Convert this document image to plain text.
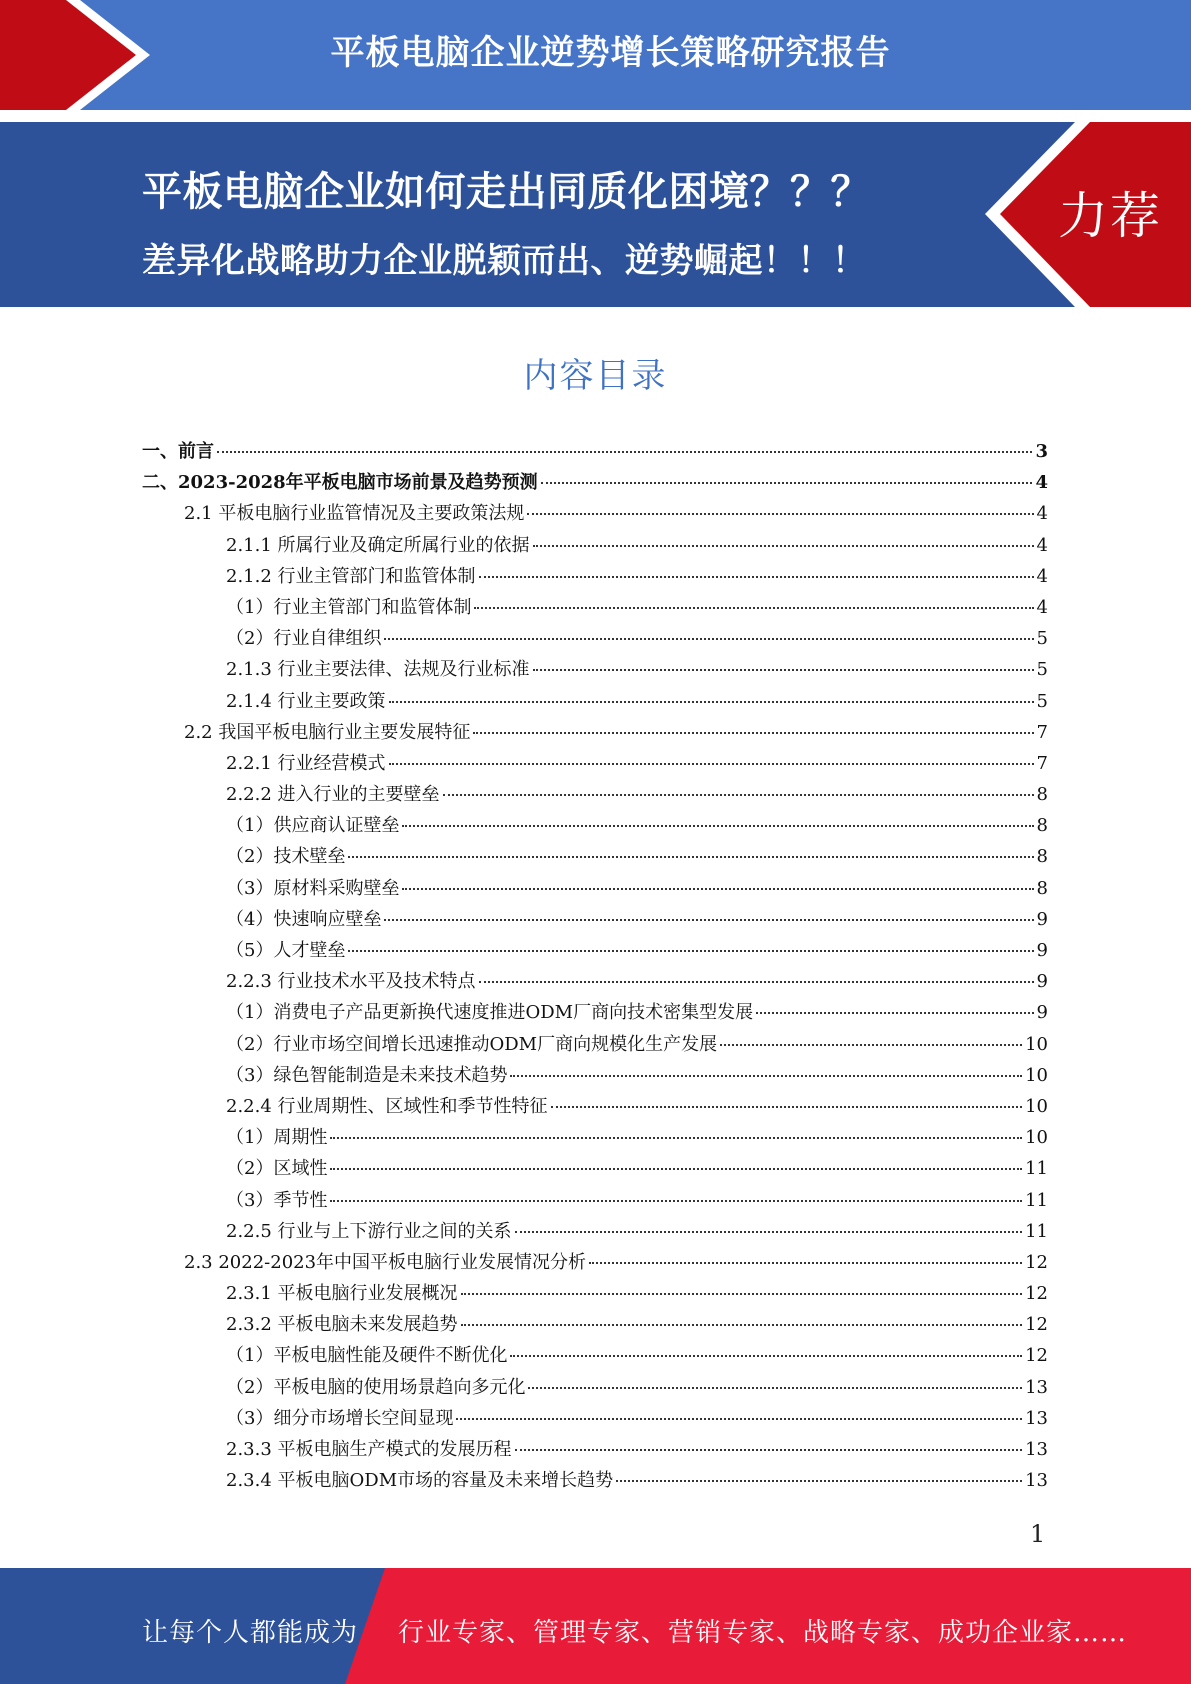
平板电脑企业逆势增长策略研究报告
平板电脑企业如何走出同质化困境？？？
差异化战略助力企业脱颖而出、逆势崛起！！！
力荐
内容目录
一、前言	3
二、2023-2028年平板电脑市场前景及趋势预测	4
2.1 平板电脑行业监管情况及主要政策法规	4
2.1.1 所属行业及确定所属行业的依据	4
2.1.2 行业主管部门和监管体制	4
（1）行业主管部门和监管体制	4
（2）行业自律组织	5
2.1.3 行业主要法律、法规及行业标准	5
2.1.4 行业主要政策	5
2.2 我国平板电脑行业主要发展特征	7
2.2.1 行业经营模式	7
2.2.2 进入行业的主要壁垒	8
（1）供应商认证壁垒	8
（2）技术壁垒	8
（3）原材料采购壁垒	8
（4）快速响应壁垒	9
（5）人才壁垒	9
2.2.3 行业技术水平及技术特点	9
（1）消费电子产品更新换代速度推进ODM厂商向技术密集型发展	9
（2）行业市场空间增长迅速推动ODM厂商向规模化生产发展	10
（3）绿色智能制造是未来技术趋势	10
2.2.4 行业周期性、区域性和季节性特征	10
（1）周期性	10
（2）区域性	11
（3）季节性	11
2.2.5 行业与上下游行业之间的关系	11
2.3 2022-2023年中国平板电脑行业发展情况分析	12
2.3.1 平板电脑行业发展概况	12
2.3.2 平板电脑未来发展趋势	12
（1）平板电脑性能及硬件不断优化	12
（2）平板电脑的使用场景趋向多元化	13
（3）细分市场增长空间显现	13
2.3.3 平板电脑生产模式的发展历程	13
2.3.4 平板电脑ODM市场的容量及未来增长趋势	13
1
让每个人都能成为 行业专家、管理专家、营销专家、战略专家、成功企业家……
